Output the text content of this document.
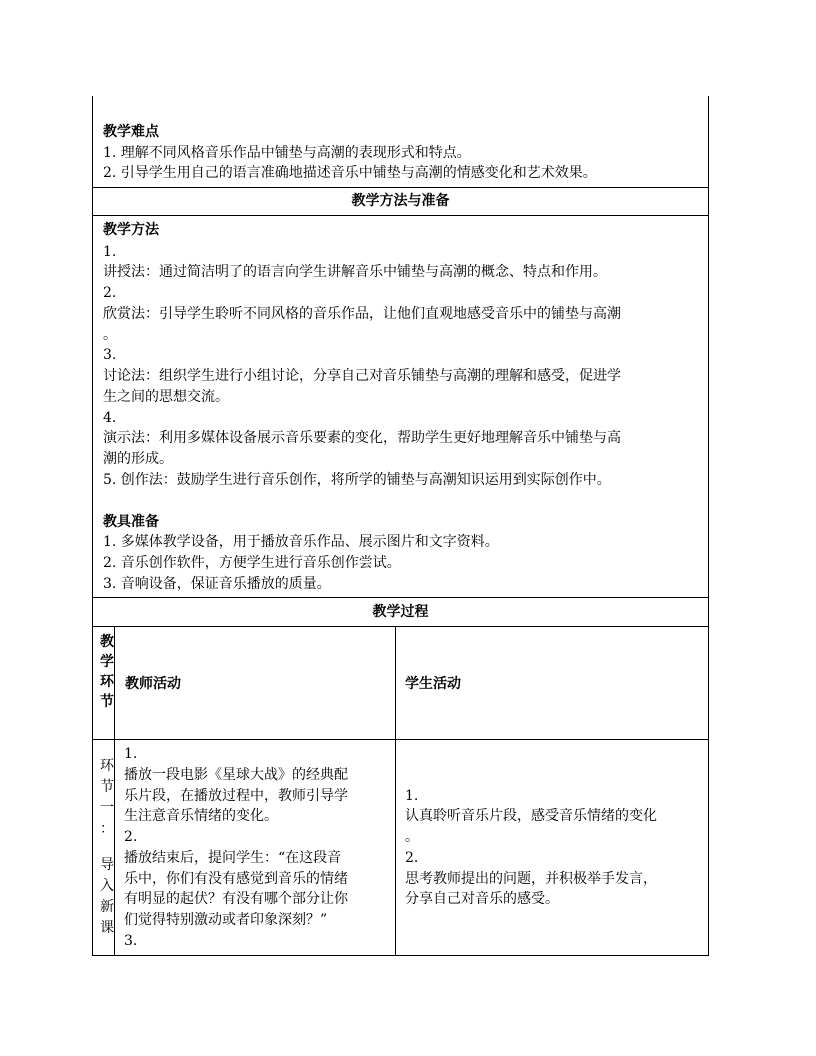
教学难点
1. 理解不同风格音乐作品中铺垫与高潮的表现形式和特点。
2. 引导学生用自己的语言准确地描述音乐中铺垫与高潮的情感变化和艺术效果。
教学方法与准备
教学方法
1.
讲授法：通过简洁明了的语言向学生讲解音乐中铺垫与高潮的概念、特点和作用。
2.
欣赏法：引导学生聆听不同风格的音乐作品，让他们直观地感受音乐中的铺垫与高潮
。
3.
讨论法：组织学生进行小组讨论，分享自己对音乐铺垫与高潮的理解和感受，促进学
生之间的思想交流。
4.
演示法：利用多媒体设备展示音乐要素的变化，帮助学生更好地理解音乐中铺垫与高
潮的形成。
5. 创作法：鼓励学生进行音乐创作，将所学的铺垫与高潮知识运用到实际创作中。
教具准备
1. 多媒体教学设备，用于播放音乐作品、展示图片和文字资料。
2. 音乐创作软件，方便学生进行音乐创作尝试。
3. 音响设备，保证音乐播放的质量。
教学过程
教
学
环
节
教师活动	学生活动
环
节
一
：
导
入
新
课
1.
播放一段电影《星球大战》的经典配
乐片段，在播放过程中，教师引导学
生注意音乐情绪的变化。
2.
播放结束后，提问学生：“在这段音
乐中，你们有没有感觉到音乐的情绪
有明显的起伏？有没有哪个部分让你
们觉得特别激动或者印象深刻？”
3.
1.
认真聆听音乐片段，感受音乐情绪的变化
。
2.
思考教师提出的问题，并积极举手发言，
分享自己对音乐的感受。
